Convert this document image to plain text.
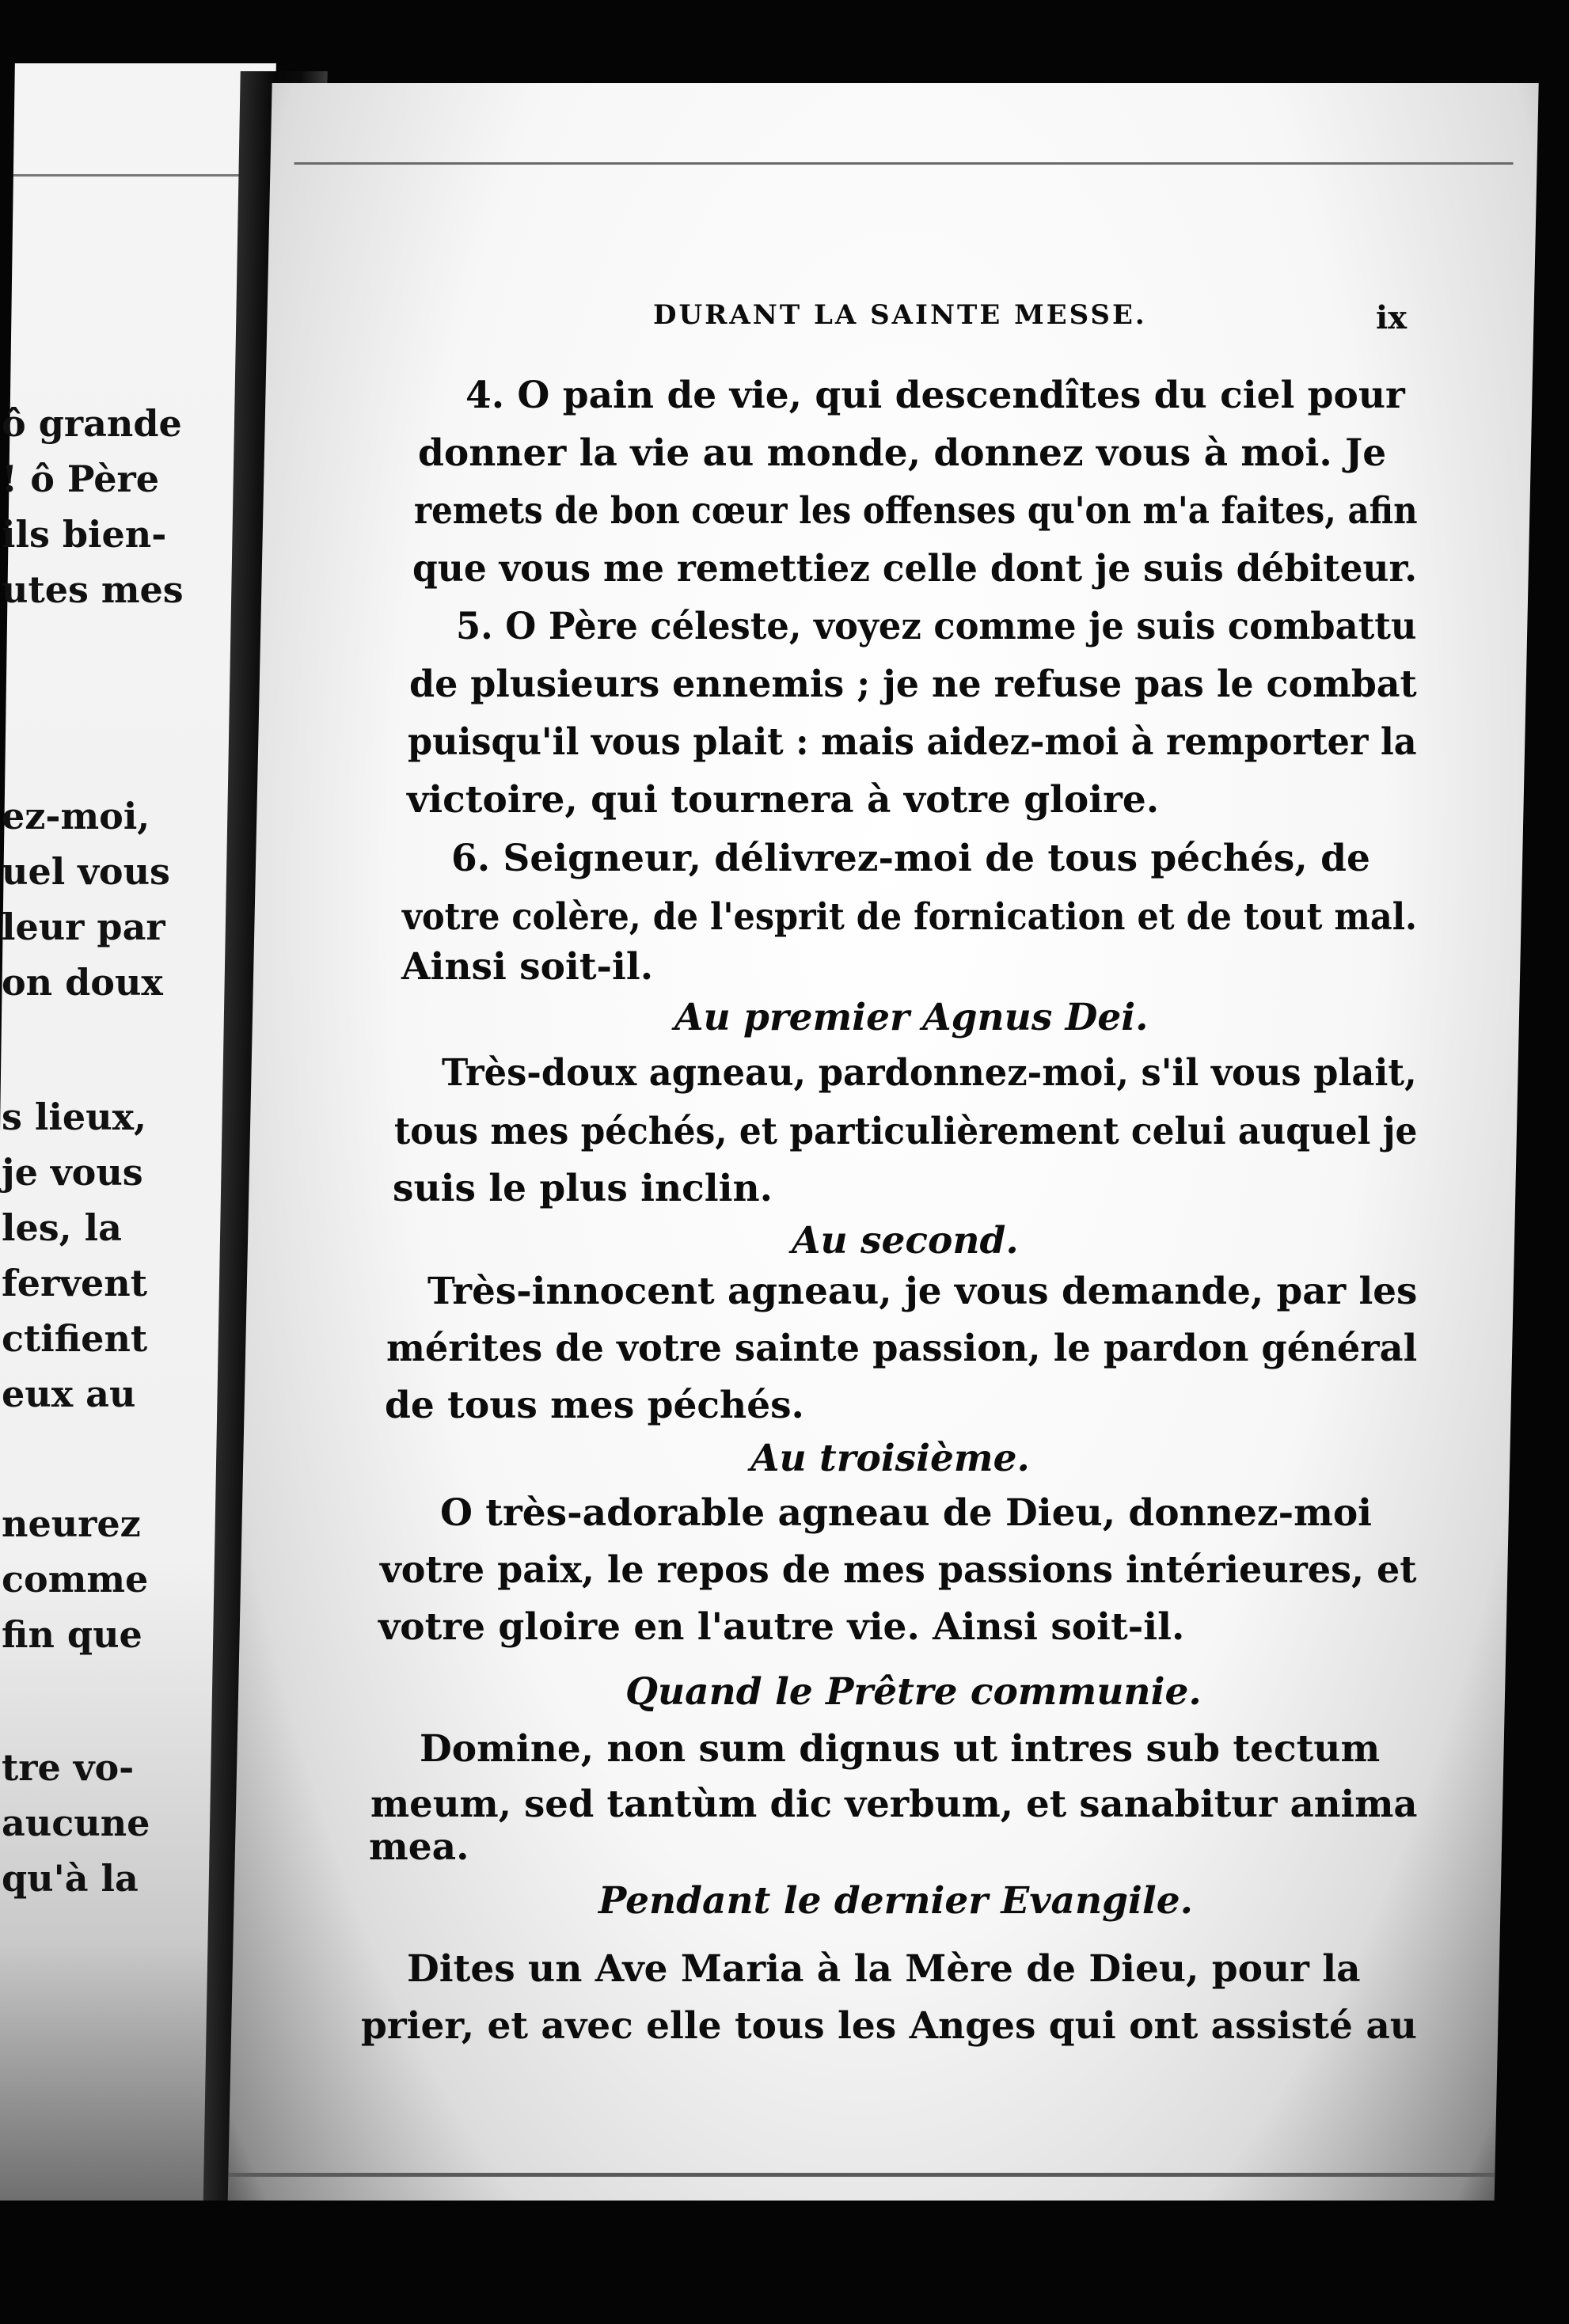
ô grande
! ô Père
ils bien-
utes mes
ez-moi,
uel vous
leur par
on doux
s lieux,
je vous
les, la
fervent
ctifient
eux au
neurez
comme
fin que
tre vo-
aucune
qu'à la
DURANT LA SAINTE MESSE.	ix
4. O pain de vie, qui descendîtes du ciel pour
donner la vie au monde, donnez vous à moi. Je
remets de bon cœur les offenses qu'on m'a faites, afin
que vous me remettiez celle dont je suis débiteur.
5. O Père céleste, voyez comme je suis combattu
de plusieurs ennemis ; je ne refuse pas le combat
puisqu'il vous plait : mais aidez-moi à remporter la
victoire, qui tournera à votre gloire.
6. Seigneur, délivrez-moi de tous péchés, de
votre colère, de l'esprit de fornication et de tout mal.
Ainsi soit-il.
Au premier Agnus Dei.
Très-doux agneau, pardonnez-moi, s'il vous plait,
tous mes péchés, et particulièrement celui auquel je
suis le plus inclin.
Au second.
Très-innocent agneau, je vous demande, par les
mérites de votre sainte passion, le pardon général
de tous mes péchés.
Au troisième.
O très-adorable agneau de Dieu, donnez-moi
votre paix, le repos de mes passions intérieures, et
votre gloire en l'autre vie. Ainsi soit-il.
Quand le Prêtre communie.
Domine, non sum dignus ut intres sub tectum
meum, sed tantùm dic verbum, et sanabitur anima
mea.
Pendant le dernier Evangile.
Dites un Ave Maria à la Mère de Dieu, pour la
prier, et avec elle tous les Anges qui ont assisté au
